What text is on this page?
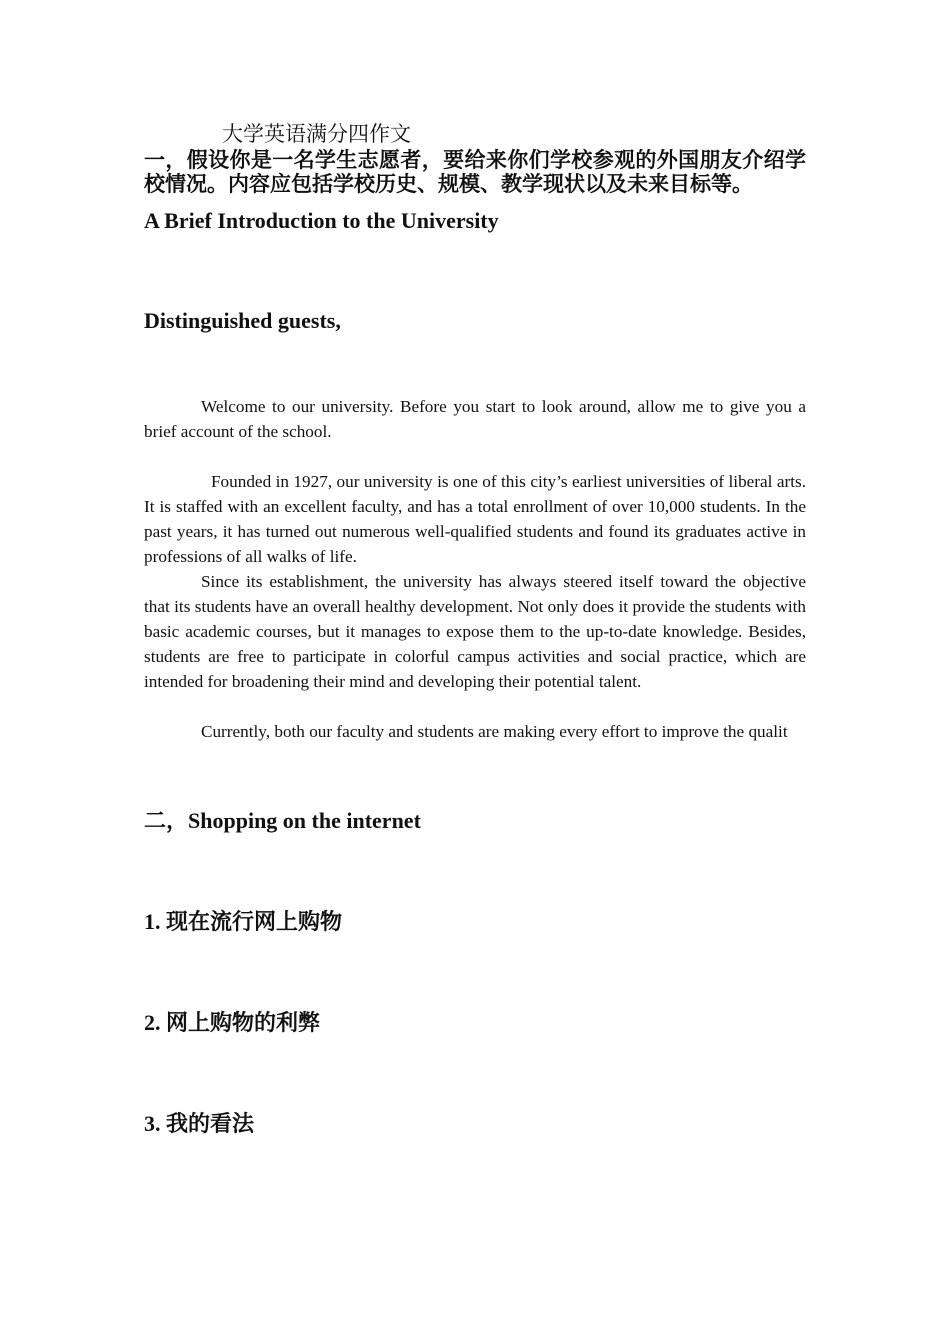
大学英语满分四作文

一，假设你是一名学生志愿者，要给来你们学校参观的外国朋友介绍学校情况。内容应包括学校历史、规模、教学现状以及未来目标等。

A Brief Introduction to the University

Distinguished guests,

Welcome to our university. Before you start to look around, allow me to give you a brief account of the school.

Founded in 1927, our university is one of this city’s earliest universities of liberal arts. It is staffed with an excellent faculty, and has a total enrollment of over 10,000 students. In the past years, it has turned out numerous well-qualified students and found its graduates active in professions of all walks of life.

Since its establishment, the university has always steered itself toward the objective that its students have an overall healthy development. Not only does it provide the students with basic academic courses, but it manages to expose them to the up-to-date knowledge. Besides, students are free to participate in colorful campus activities and social practice, which are intended for broadening their mind and developing their potential talent.

Currently, both our faculty and students are making every effort to improve the qualit

二，Shopping on the internet

1. 现在流行网上购物

2. 网上购物的利弊

3. 我的看法
